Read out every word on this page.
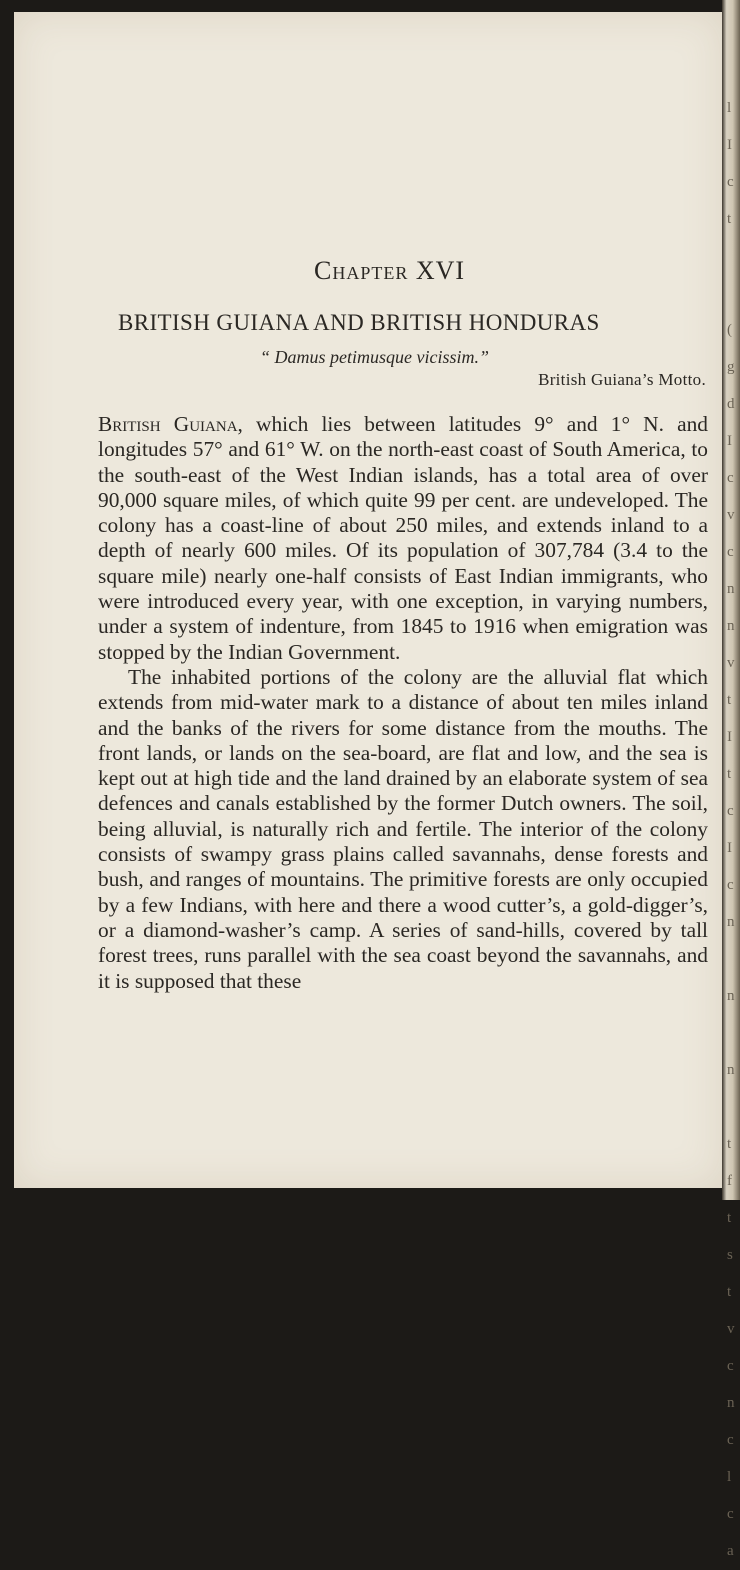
l
I
c
t

(
g
d
I
c
v
c
n
n
v
t
I
t
c
I
c
n

n

n

t
f
t
s
t
v
c
n
c
l
c
a
Chapter XVI
BRITISH GUIANA AND BRITISH HONDURAS

“ Damus petimusque vicissim.”

British Guiana’s Motto.

British Guiana, which lies between latitudes 9° and 1° N. and longitudes 57° and 61° W. on the north-east coast of South America, to the south-east of the West Indian islands, has a total area of over 90,000 square miles, of which quite 99 per cent. are undeveloped. The colony has a coast-line of about 250 miles, and extends inland to a depth of nearly 600 miles. Of its population of 307,784 (3.4 to the square mile) nearly one-half consists of East Indian immigrants, who were introduced every year, with one exception, in varying numbers, under a system of indenture, from 1845 to 1916 when emigration was stopped by the Indian Government.

The inhabited portions of the colony are the alluvial flat which extends from mid-water mark to a distance of about ten miles inland and the banks of the rivers for some distance from the mouths. The front lands, or lands on the sea-board, are flat and low, and the sea is kept out at high tide and the land drained by an elaborate system of sea defences and canals established by the former Dutch owners. The soil, being alluvial, is naturally rich and fertile. The interior of the colony consists of swampy grass plains called savannahs, dense forests and bush, and ranges of mountains. The primitive forests are only occupied by a few Indians, with here and there a wood cutter’s, a gold-digger’s, or a diamond-washer’s camp. A series of sand-hills, covered by tall forest trees, runs parallel with the sea coast beyond the savannahs, and it is supposed that these
